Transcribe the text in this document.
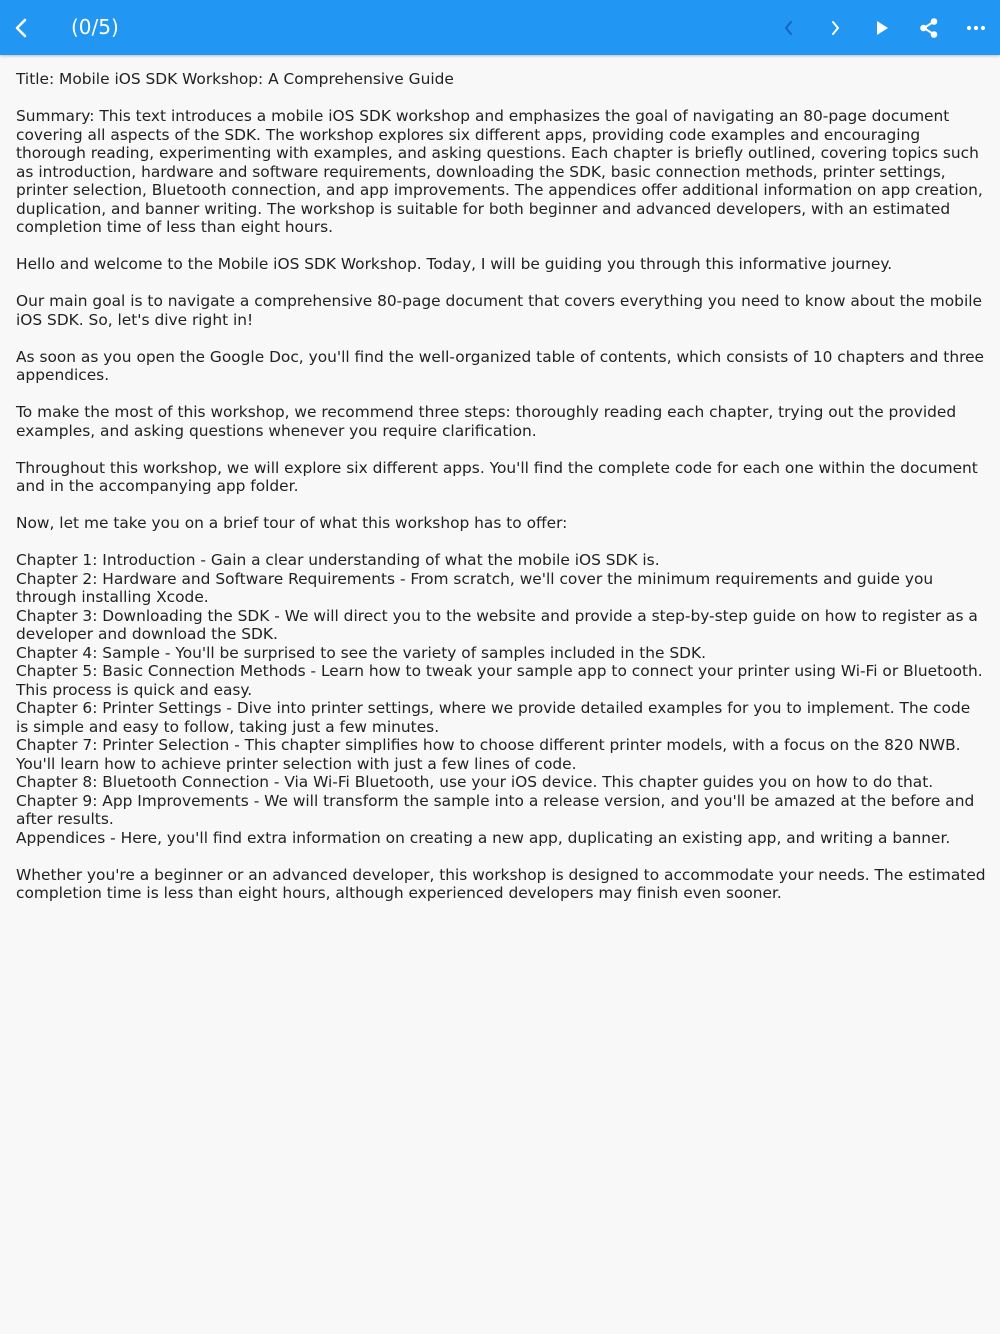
(0/5)

Title: Mobile iOS SDK Workshop: A Comprehensive Guide

Summary: This text introduces a mobile iOS SDK workshop and emphasizes the goal of navigating an 80-page document covering all aspects of the SDK. The workshop explores six different apps, providing code examples and encouraging thorough reading, experimenting with examples, and asking questions. Each chapter is briefly outlined, covering topics such as introduction, hardware and software requirements, downloading the SDK, basic connection methods, printer settings, printer selection, Bluetooth connection, and app improvements. The appendices offer additional information on app creation, duplication, and banner writing. The workshop is suitable for both beginner and advanced developers, with an estimated completion time of less than eight hours.

Hello and welcome to the Mobile iOS SDK Workshop. Today, I will be guiding you through this informative journey.

Our main goal is to navigate a comprehensive 80-page document that covers everything you need to know about the mobile iOS SDK. So, let's dive right in!

As soon as you open the Google Doc, you'll find the well-organized table of contents, which consists of 10 chapters and three appendices.

To make the most of this workshop, we recommend three steps: thoroughly reading each chapter, trying out the provided examples, and asking questions whenever you require clarification.

Throughout this workshop, we will explore six different apps. You'll find the complete code for each one within the document and in the accompanying app folder.

Now, let me take you on a brief tour of what this workshop has to offer:

Chapter 1: Introduction - Gain a clear understanding of what the mobile iOS SDK is.
Chapter 2: Hardware and Software Requirements - From scratch, we'll cover the minimum requirements and guide you through installing Xcode.
Chapter 3: Downloading the SDK - We will direct you to the website and provide a step-by-step guide on how to register as a developer and download the SDK.
Chapter 4: Sample - You'll be surprised to see the variety of samples included in the SDK.
Chapter 5: Basic Connection Methods - Learn how to tweak your sample app to connect your printer using Wi-Fi or Bluetooth. This process is quick and easy.
Chapter 6: Printer Settings - Dive into printer settings, where we provide detailed examples for you to implement. The code is simple and easy to follow, taking just a few minutes.
Chapter 7: Printer Selection - This chapter simplifies how to choose different printer models, with a focus on the 820 NWB. You'll learn how to achieve printer selection with just a few lines of code.
Chapter 8: Bluetooth Connection - Via Wi-Fi Bluetooth, use your iOS device. This chapter guides you on how to do that.
Chapter 9: App Improvements - We will transform the sample into a release version, and you'll be amazed at the before and after results.
Appendices - Here, you'll find extra information on creating a new app, duplicating an existing app, and writing a banner.

Whether you're a beginner or an advanced developer, this workshop is designed to accommodate your needs. The estimated completion time is less than eight hours, although experienced developers may finish even sooner.
